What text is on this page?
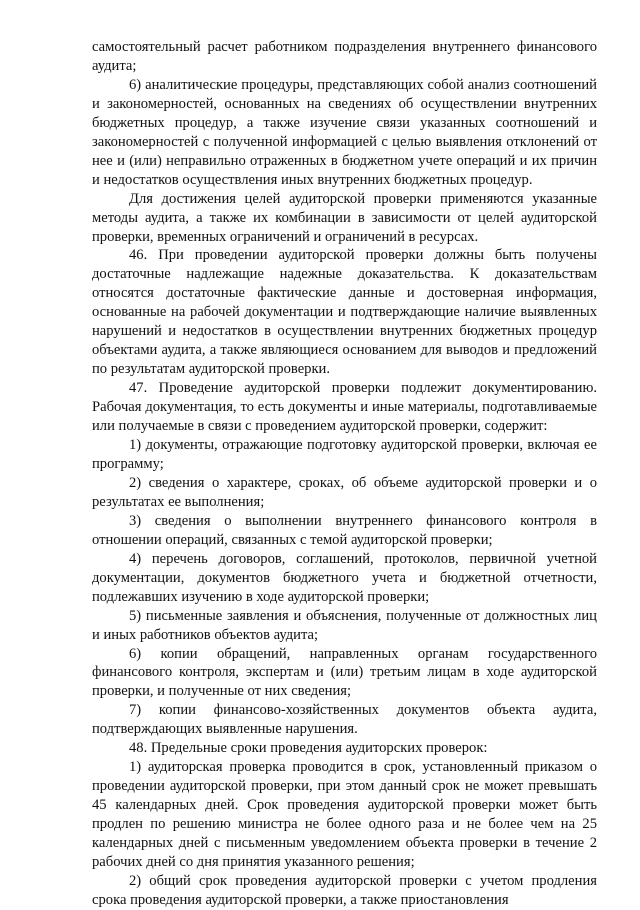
самостоятельный расчет работником подразделения внутреннего финансового аудита;

6) аналитические процедуры, представляющих собой анализ соотношений и закономерностей, основанных на сведениях об осуществлении внутренних бюджетных процедур, а также изучение связи указанных соотношений и закономерностей с полученной информацией с целью выявления отклонений от нее и (или) неправильно отраженных в бюджетном учете операций и их причин и недостатков осуществления иных внутренних бюджетных процедур.

Для достижения целей аудиторской проверки применяются указанные методы аудита, а также их комбинации в зависимости от целей аудиторской проверки, временных ограничений и ограничений в ресурсах.

46. При проведении аудиторской проверки должны быть получены достаточные надлежащие надежные доказательства. К доказательствам относятся достаточные фактические данные и достоверная информация, основанные на рабочей документации и подтверждающие наличие выявленных нарушений и недостатков в осуществлении внутренних бюджетных процедур объектами аудита, а также являющиеся основанием для выводов и предложений по результатам аудиторской проверки.

47. Проведение аудиторской проверки подлежит документированию. Рабочая документация, то есть документы и иные материалы, подготавливаемые или получаемые в связи с проведением аудиторской проверки, содержит:

1) документы, отражающие подготовку аудиторской проверки, включая ее программу;

2) сведения о характере, сроках, об объеме аудиторской проверки и о результатах ее выполнения;

3) сведения о выполнении внутреннего финансового контроля в отношении операций, связанных с темой аудиторской проверки;

4) перечень договоров, соглашений, протоколов, первичной учетной документации, документов бюджетного учета и бюджетной отчетности, подлежавших изучению в ходе аудиторской проверки;

5) письменные заявления и объяснения, полученные от должностных лиц и иных работников объектов аудита;

6) копии обращений, направленных органам государственного финансового контроля, экспертам и (или) третьим лицам в ходе аудиторской проверки, и полученные от них сведения;

7) копии финансово-хозяйственных документов объекта аудита, подтверждающих выявленные нарушения.

48. Предельные сроки проведения аудиторских проверок:

1) аудиторская проверка проводится в срок, установленный приказом о проведении аудиторской проверки, при этом данный срок не может превышать 45 календарных дней. Срок проведения аудиторской проверки может быть продлен по решению министра не более одного раза и не более чем на 25 календарных дней с письменным уведомлением объекта проверки в течение 2 рабочих дней со дня принятия указанного решения;

2) общий срок проведения аудиторской проверки с учетом продления срока проведения аудиторской проверки, а также приостановления
